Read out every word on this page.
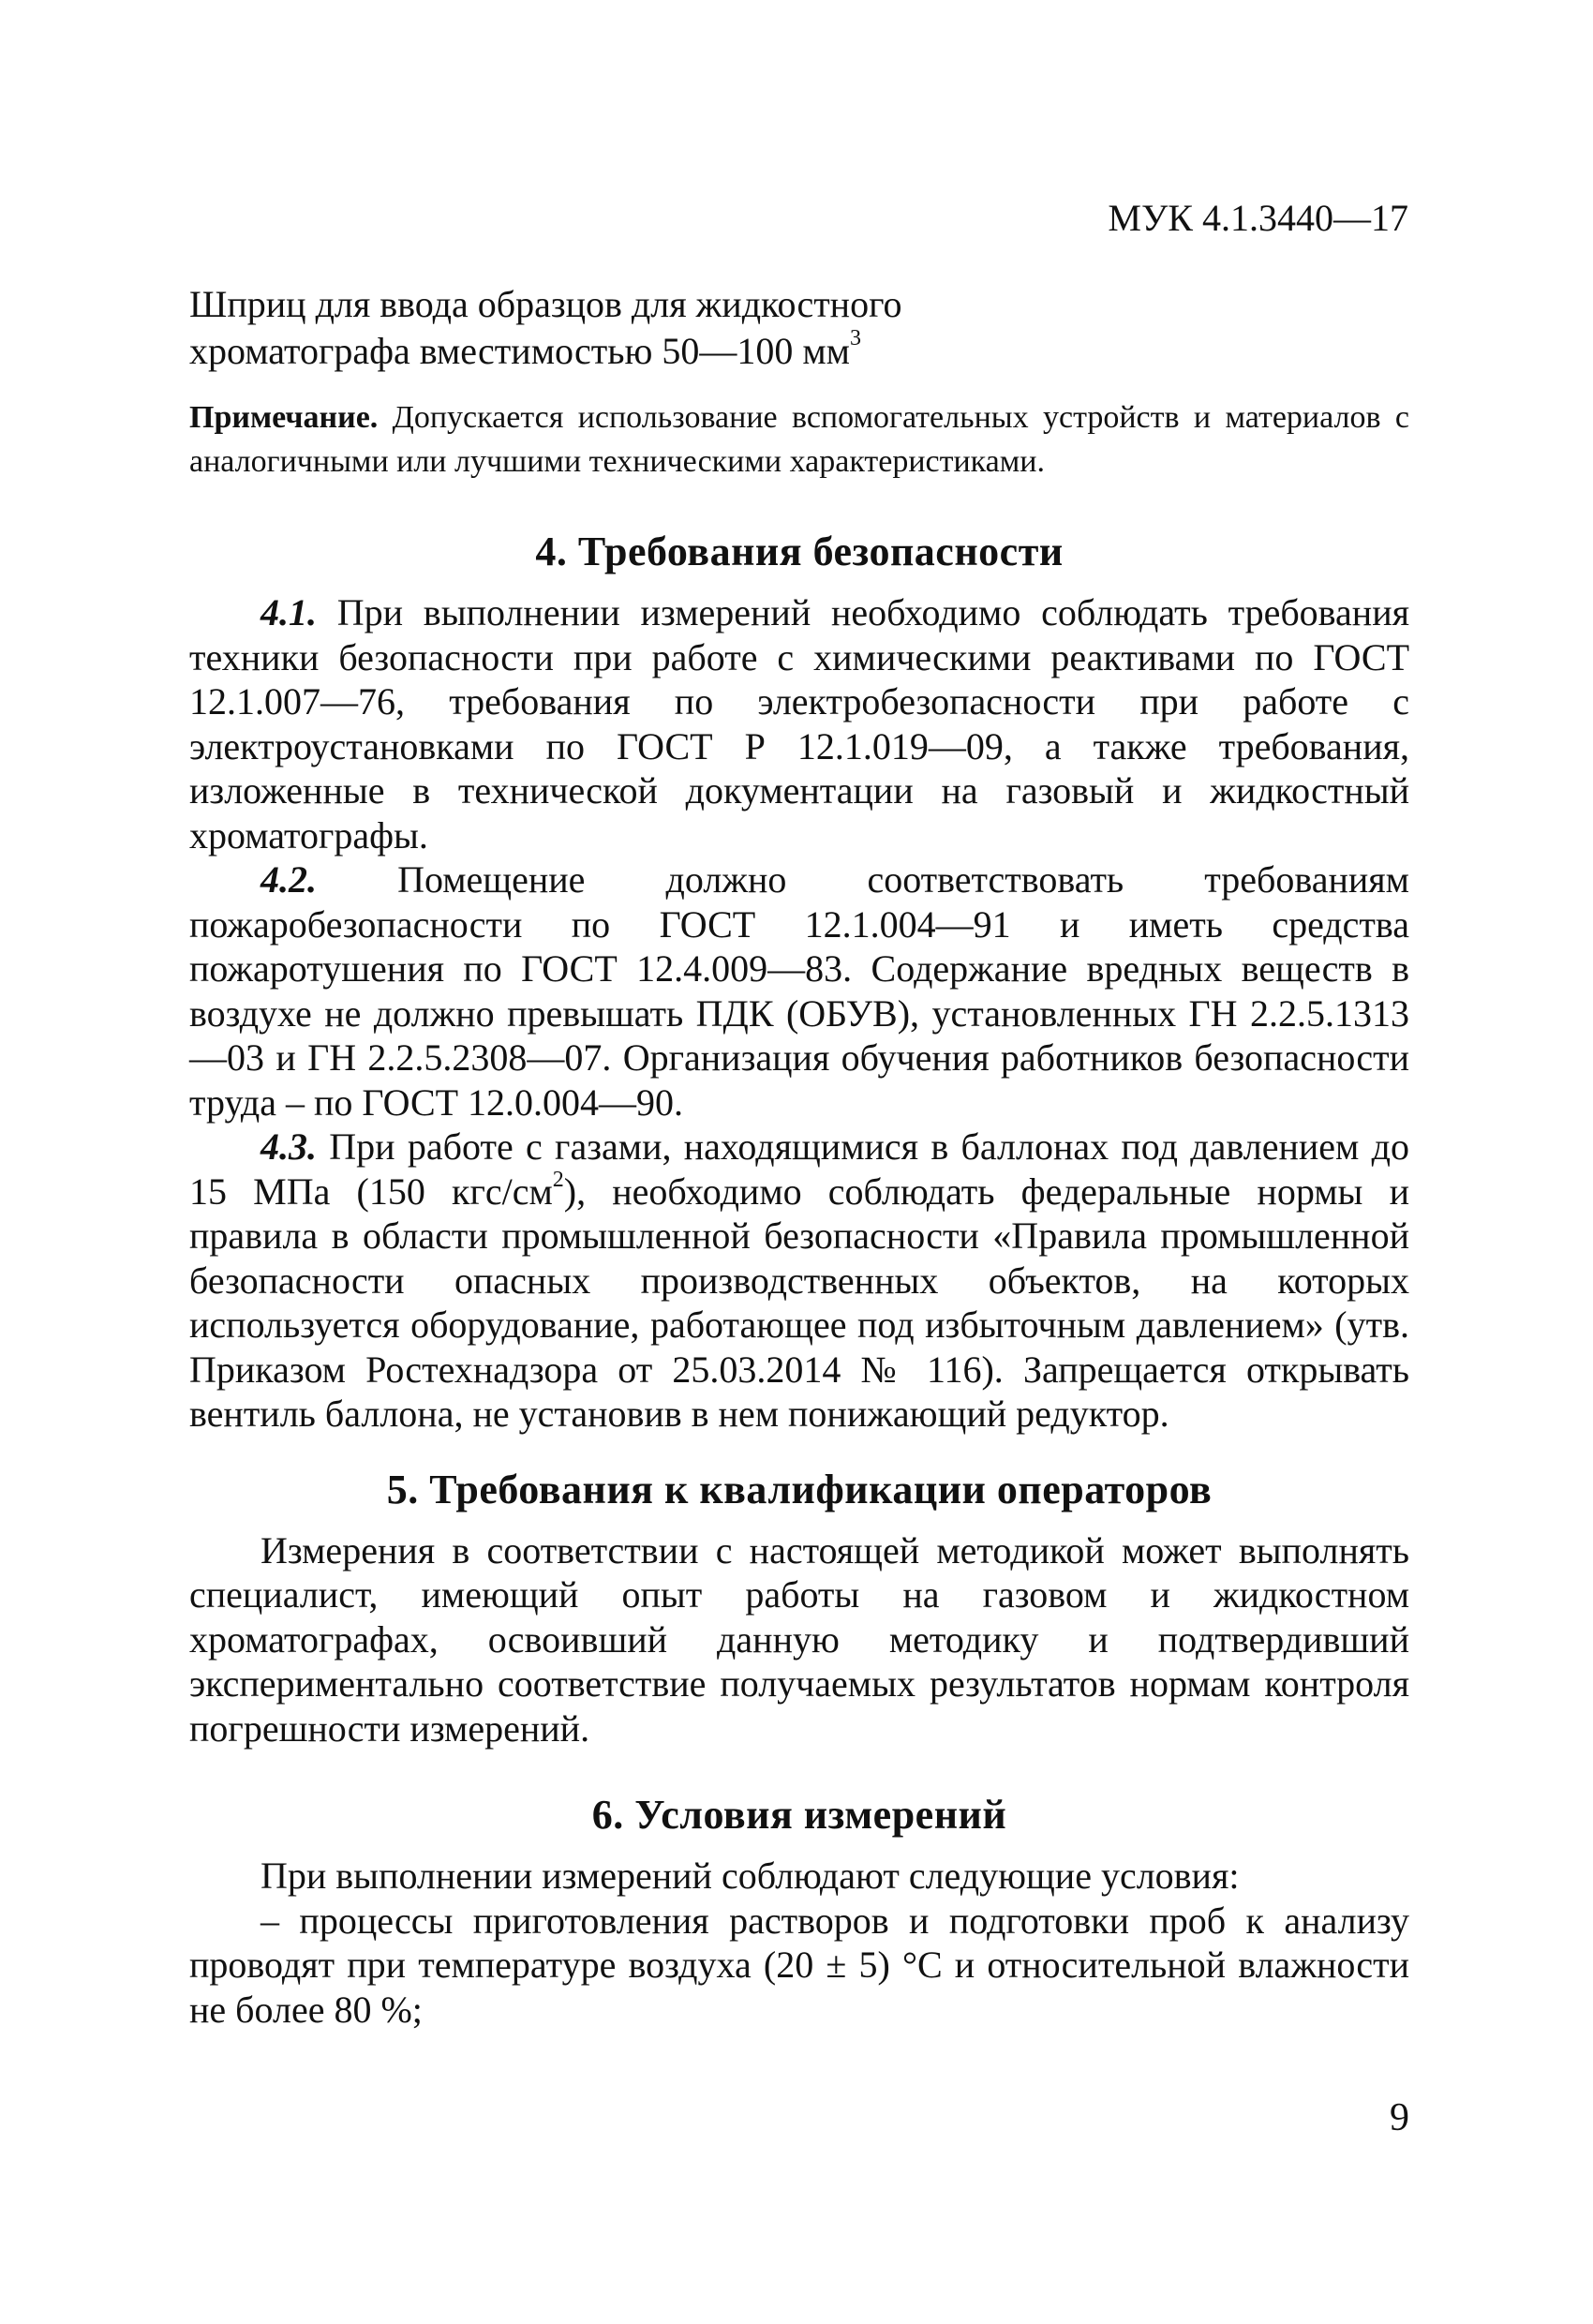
МУК 4.1.3440—17

Шприц для ввода образцов для жидкостного
хроматографа вместимостью 50—100 $мм^3$

Примечание. Допускается использование вспомогательных устройств и материалов с аналогичными или лучшими техническими характеристиками.

4. Требования безопасности

4.1. При выполнении измерений необходимо соблюдать требования техники безопасности при работе с химическими реактивами по ГОСТ 12.1.007—76, требования по электробезопасности при работе с электроустановками по ГОСТ Р 12.1.019—09, а также требования, изложенные в технической документации на газовый и жидкостный хроматографы.

4.2. Помещение должно соответствовать требованиям пожаробезопасности по ГОСТ 12.1.004—91 и иметь средства пожаротушения по ГОСТ 12.4.009—83. Содержание вредных веществ в воздухе не должно превышать ПДК (ОБУВ), установленных ГН 2.2.5.1313—03 и ГН 2.2.5.2308—07. Организация обучения работников безопасности труда – по ГОСТ 12.0.004—90.

4.3. При работе с газами, находящимися в баллонах под давлением до 15 МПа (150 кгс/$см^2$), необходимо соблюдать федеральные нормы и правила в области промышленной безопасности «Правила промышленной безопасности опасных производственных объектов, на которых используется оборудование, работающее под избыточным давлением» (утв. Приказом Ростехнадзора от 25.03.2014 № 116). Запрещается открывать вентиль баллона, не установив в нем понижающий редуктор.

5. Требования к квалификации операторов

Измерения в соответствии с настоящей методикой может выполнять специалист, имеющий опыт работы на газовом и жидкостном хроматографах, освоивший данную методику и подтвердивший экспериментально соответствие получаемых результатов нормам контроля погрешности измерений.

6. Условия измерений

При выполнении измерений соблюдают следующие условия:

– процессы приготовления растворов и подготовки проб к анализу проводят при температуре воздуха (20 ± 5) °С и относительной влажности не более 80 %;

9
